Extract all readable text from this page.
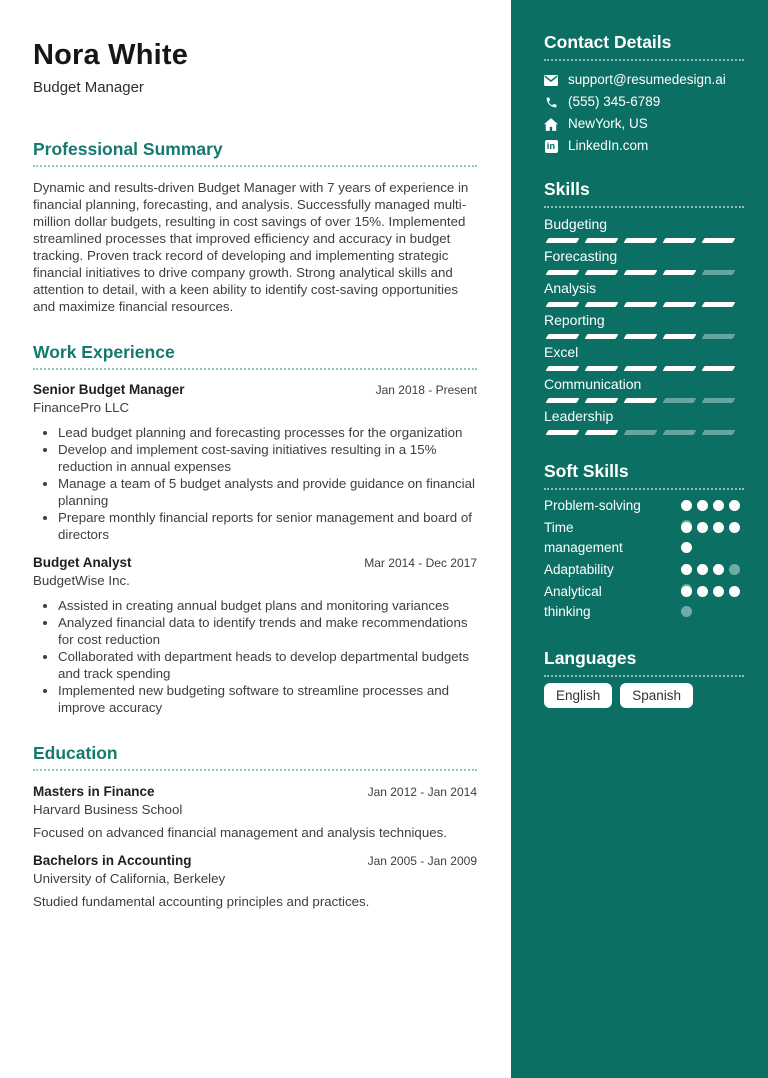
Nora White
Budget Manager
Professional Summary

Dynamic and results-driven Budget Manager with 7 years of experience in financial planning, forecasting, and analysis. Successfully managed multi-million dollar budgets, resulting in cost savings of over 15%. Implemented streamlined processes that improved efficiency and accuracy in budget tracking. Proven track record of developing and implementing strategic financial initiatives to drive company growth. Strong analytical skills and attention to detail, with a keen ability to identify cost-saving opportunities and maximize financial resources.

Work Experience
Senior Budget Manager	Jan 2018 - Present
FinancePro LLC
• Lead budget planning and forecasting processes for the organization
• Develop and implement cost-saving initiatives resulting in a 15% reduction in annual expenses
• Manage a team of 5 budget analysts and provide guidance on financial planning
• Prepare monthly financial reports for senior management and board of directors
Budget Analyst	Mar 2014 - Dec 2017
BudgetWise Inc.
• Assisted in creating annual budget plans and monitoring variances
• Analyzed financial data to identify trends and make recommendations for cost reduction
• Collaborated with department heads to develop departmental budgets and track spending
• Implemented new budgeting software to streamline processes and improve accuracy
Education
Masters in Finance	Jan 2012 - Jan 2014
Harvard Business School
Focused on advanced financial management and analysis techniques.
Bachelors in Accounting	Jan 2005 - Jan 2009
University of California, Berkeley
Studied fundamental accounting principles and practices.
Contact Details
support@resumedesign.ai
(555) 345-6789
NewYork, US
in LinkedIn.com
Skills
Budgeting
Forecasting
Analysis
Reporting
Excel
Communication
Leadership
Soft Skills
Problem-solving
Time management
Adaptability
Analytical thinking
Languages
English	Spanish
